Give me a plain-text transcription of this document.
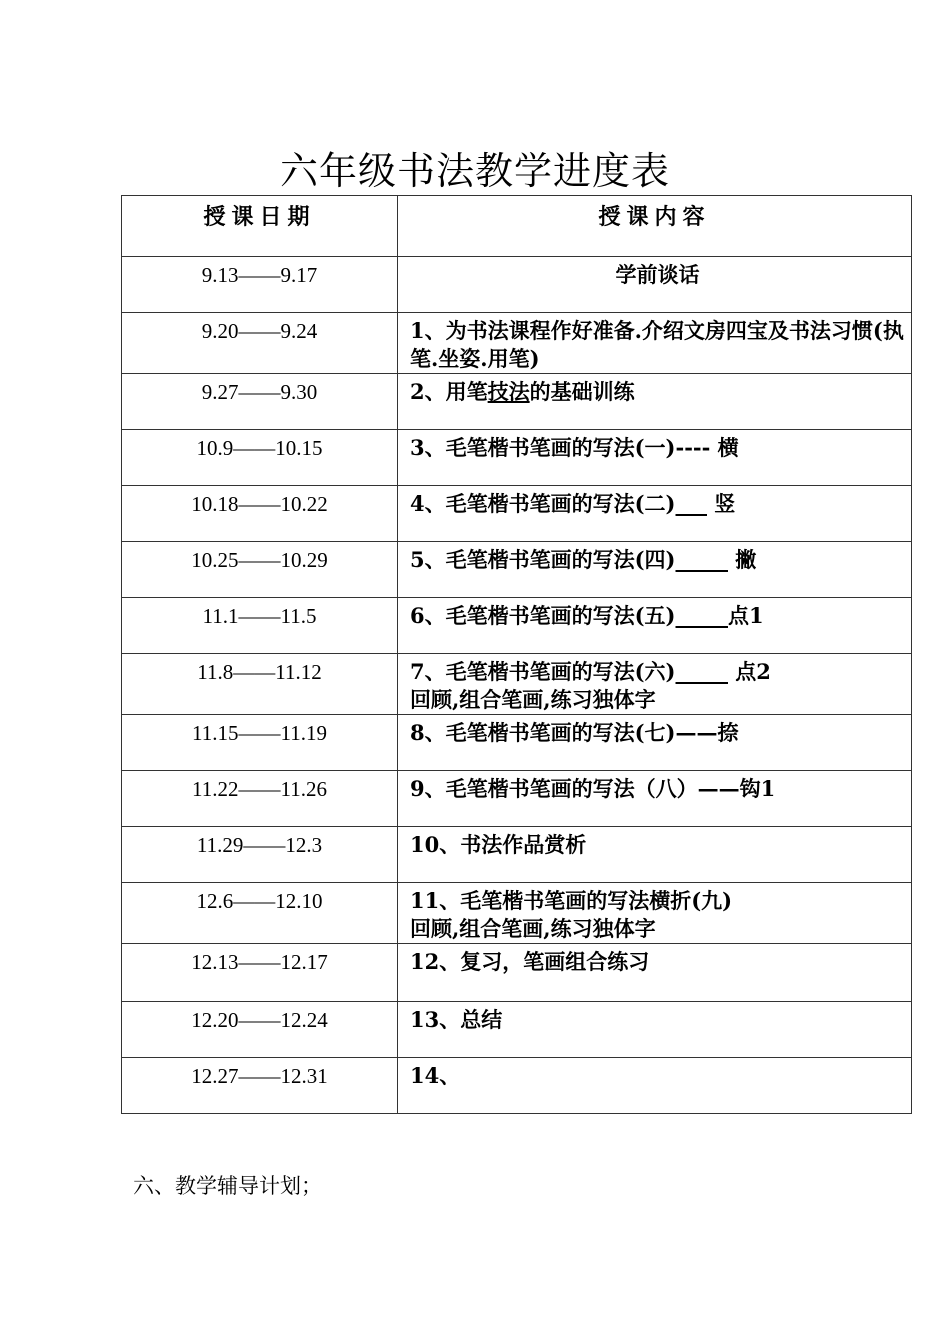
六年级书法教学进度表
授课日期	授课内容
9.13——9.17	学前谈话
9.20——9.24	1、为书法课程作好准备.介绍文房四宝及书法习惯(执笔.坐姿.用笔)
9.27——9.30	2、用笔技法的基础训练
10.9——10.15	3、毛笔楷书笔画的写法(一)---- 横
10.18——10.22	4、毛笔楷书笔画的写法(二)___ 竖
10.25——10.29	5、毛笔楷书笔画的写法(四)_____ 撇
11.1——11.5	6、毛笔楷书笔画的写法(五)_____点1
11.8——11.12	7、毛笔楷书笔画的写法(六)_____ 点2
回顾,组合笔画,练习独体字

11.15——11.19	8、毛笔楷书笔画的写法(七)——捺
11.22——11.26	9、毛笔楷书笔画的写法（八）——钩1
11.29——12.3	10、书法作品赏析
12.6——12.10	11、毛笔楷书笔画的写法横折(九)
回顾,组合笔画,练习独体字

12.13——12.17	12、复习，笔画组合练习
12.20——12.24	13、总结
12.27——12.31	14、
六、教学辅导计划；
